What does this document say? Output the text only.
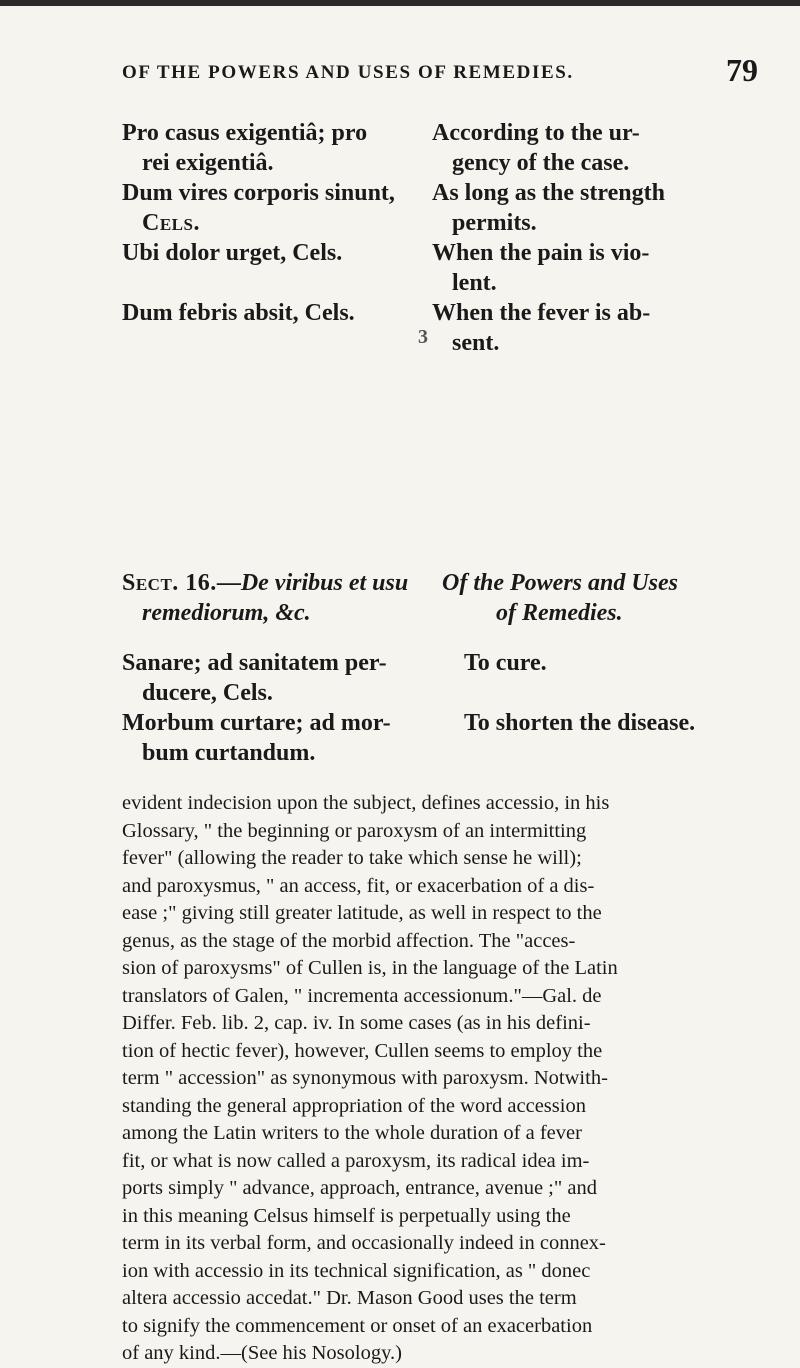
OF THE POWERS AND USES OF REMEDIES.	79
Pro casus exigentiâ; pro
rei exigentiâ.
Dum vires corporis sinunt,
Cels.
Ubi dolor urget, Cels.

Dum febris absit, Cels.
According to the ur-
gency of the case.
As long as the strength
permits.
When the pain is vio-
lent.
When the fever is ab-
sent.
3
Sect. 16.—De viribus et usu
remediorum, &c.
Of the Powers and Uses
of Remedies.
Sanare; ad sanitatem per-
ducere, Cels.
Morbum curtare; ad mor-
bum curtandum.
To cure.

To shorten the disease.

evident indecision upon the subject, defines accessio, in his
Glossary, " the beginning or paroxysm of an intermitting
fever" (allowing the reader to take which sense he will);
and paroxysmus, " an access, fit, or exacerbation of a dis-
ease ;" giving still greater latitude, as well in respect to the
genus, as the stage of the morbid affection. The "acces-
sion of paroxysms" of Cullen is, in the language of the Latin
translators of Galen, " incrementa accessionum."—Gal. de
Differ. Feb. lib. 2, cap. iv. In some cases (as in his defini-
tion of hectic fever), however, Cullen seems to employ the
term " accession" as synonymous with paroxysm. Notwith-
standing the general appropriation of the word accession
among the Latin writers to the whole duration of a fever
fit, or what is now called a paroxysm, its radical idea im-
ports simply " advance, approach, entrance, avenue ;" and
in this meaning Celsus himself is perpetually using the
term in its verbal form, and occasionally indeed in connex-
ion with accessio in its technical signification, as " donec
altera accessio accedat." Dr. Mason Good uses the term
to signify the commencement or onset of an exacerbation
of any kind.—(See his Nosology.)
